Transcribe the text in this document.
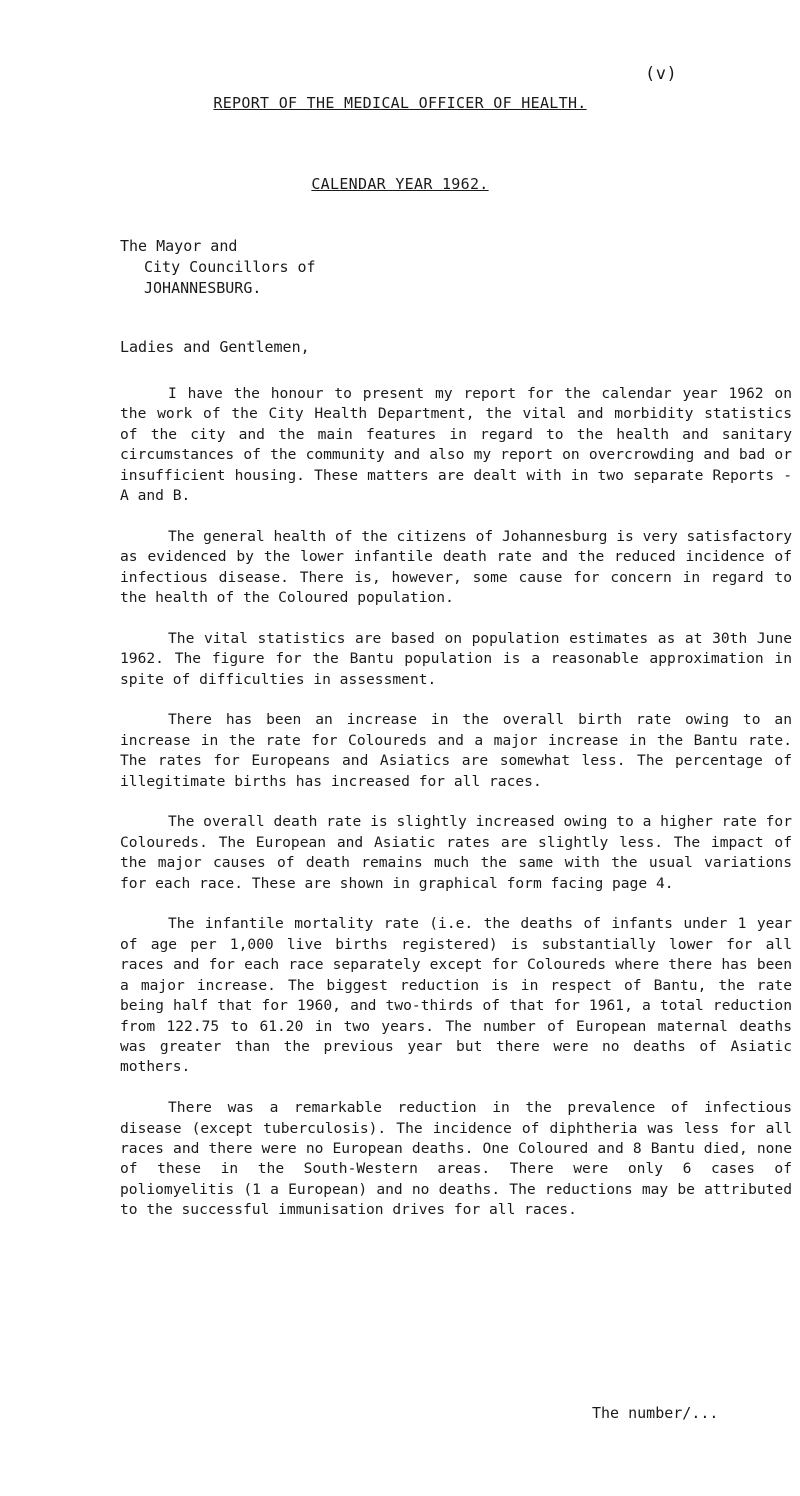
(v)
REPORT OF THE MEDICAL OFFICER OF HEALTH.
CALENDAR YEAR 1962.
The Mayor and
City Councillors of
JOHANNESBURG.
Ladies and Gentlemen,

I have the honour to present my report for the calendar year 1962 on the work of the City Health Department, the vital and morbidity statistics of the city and the main features in regard to the health and sanitary circumstances of the community and also my report on overcrowding and bad or insufficient housing. These matters are dealt with in two separate Reports - A and B.

The general health of the citizens of Johannesburg is very satisfactory as evidenced by the lower infantile death rate and the reduced incidence of infectious disease. There is, however, some cause for concern in regard to the health of the Coloured population.

The vital statistics are based on population estimates as at 30th June 1962. The figure for the Bantu population is a reasonable approximation in spite of difficulties in assessment.

There has been an increase in the overall birth rate owing to an increase in the rate for Coloureds and a major increase in the Bantu rate. The rates for Europeans and Asiatics are somewhat less. The percentage of illegitimate births has increased for all races.

The overall death rate is slightly increased owing to a higher rate for Coloureds. The European and Asiatic rates are slightly less. The impact of the major causes of death remains much the same with the usual variations for each race. These are shown in graphical form facing page 4.

The infantile mortality rate (i.e. the deaths of infants under 1 year of age per 1,000 live births registered) is substantially lower for all races and for each race separately except for Coloureds where there has been a major increase. The biggest reduction is in respect of Bantu, the rate being half that for 1960, and two-thirds of that for 1961, a total reduction from 122.75 to 61.20 in two years. The number of European maternal deaths was greater than the previous year but there were no deaths of Asiatic mothers.

There was a remarkable reduction in the prevalence of infectious disease (except tuberculosis). The incidence of diphtheria was less for all races and there were no European deaths. One Coloured and 8 Bantu died, none of these in the South-Western areas. There were only 6 cases of poliomyelitis (1 a European) and no deaths. The reductions may be attributed to the successful immunisation drives for all races.

The number/...
